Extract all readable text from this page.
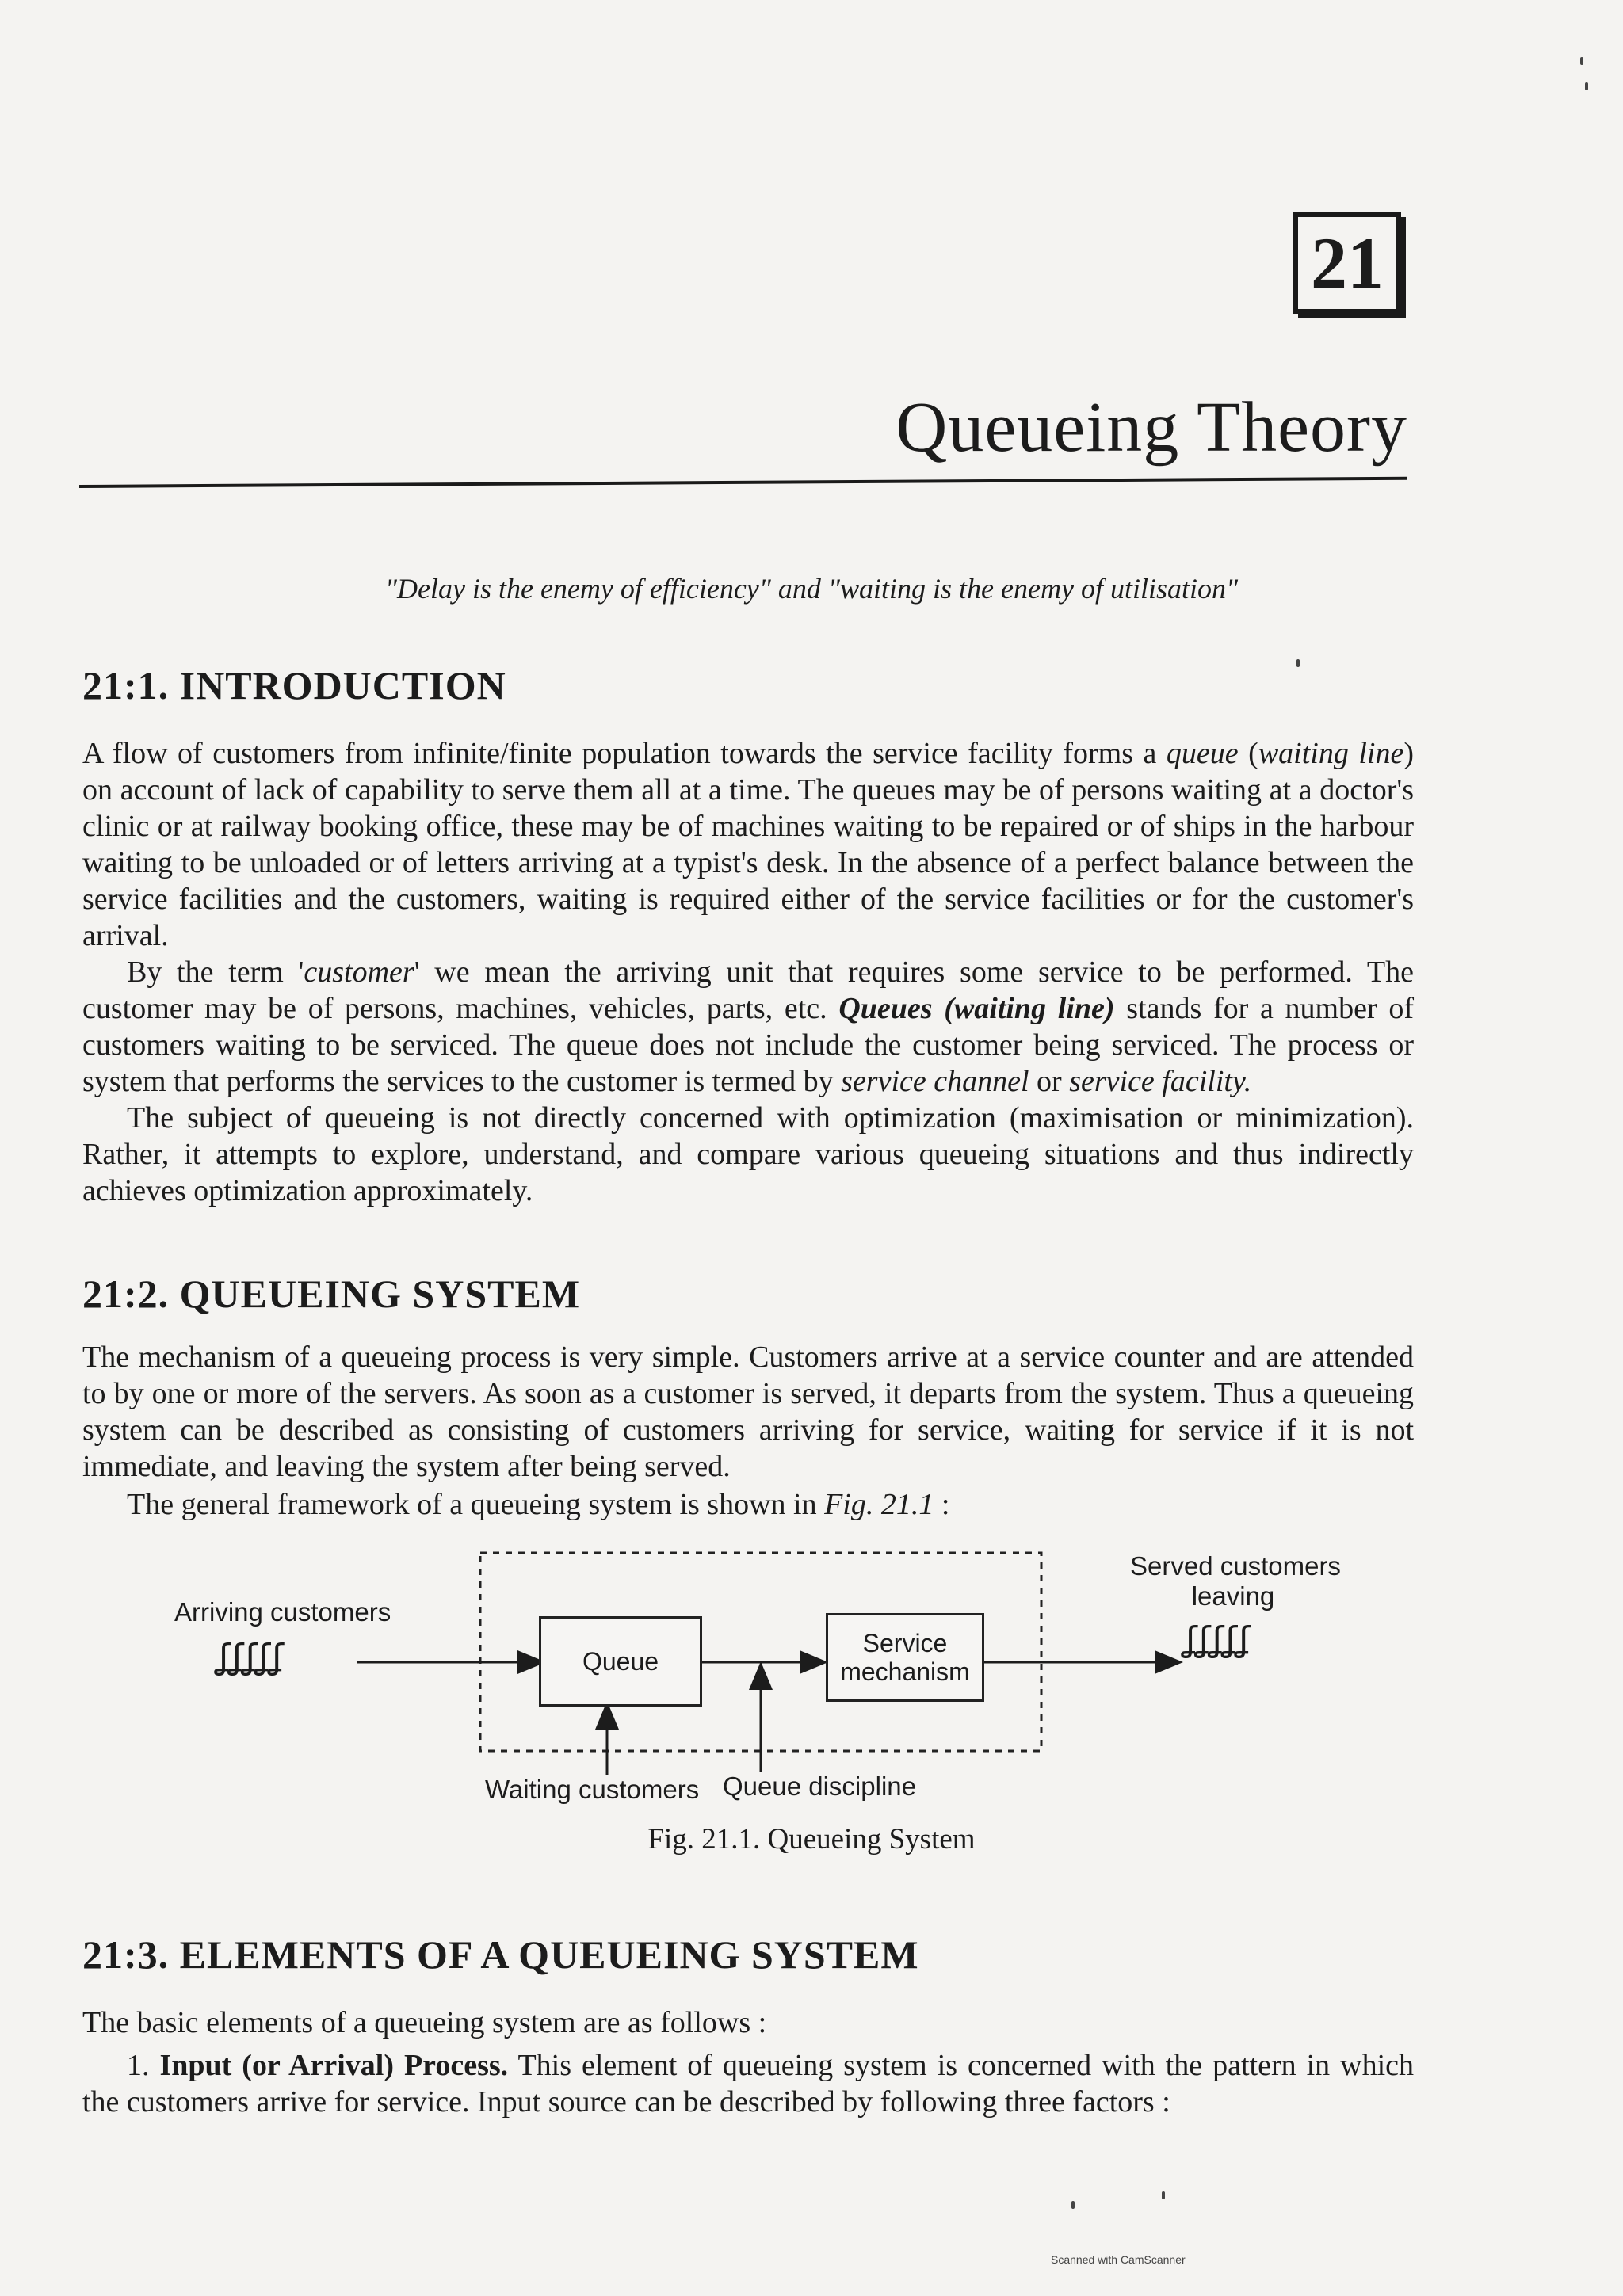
21
Queueing Theory
"Delay is the enemy of efficiency" and "waiting is the enemy of utilisation"
21:1. INTRODUCTION

A flow of customers from infinite/finite population towards the service facility forms a queue (waiting line) on account of lack of capability to serve them all at a time. The queues may be of persons waiting at a doctor's clinic or at railway booking office, these may be of machines waiting to be repaired or of ships in the harbour waiting to be unloaded or of letters arriving at a typist's desk. In the absence of a perfect balance between the service facilities and the customers, waiting is required either of the service facilities or for the customer's arrival.

By the term 'customer' we mean the arriving unit that requires some service to be performed. The customer may be of persons, machines, vehicles, parts, etc. Queues (waiting line) stands for a number of customers waiting to be serviced. The queue does not include the customer being serviced. The process or system that performs the services to the customer is termed by service channel or service facility.

The subject of queueing is not directly concerned with optimization (maximisation or minimization). Rather, it attempts to explore, understand, and compare various queueing situations and thus indirectly achieves optimization approximately.

21:2. QUEUEING SYSTEM

The mechanism of a queueing process is very simple. Customers arrive at a service counter and are attended to by one or more of the servers. As soon as a customer is served, it departs from the system. Thus a queueing system can be described as consisting of customers arriving for service, waiting for service if it is not immediate, and leaving the system after being served.

The general framework of a queueing system is shown in Fig. 21.1 :

Arriving customers
ʆʆʆʆʆ	Queue
Service
mechanism
Served customers
leaving
ʆʆʆʆʆ
Waiting customers Queue discipline
Fig. 21.1. Queueing System
21:3. ELEMENTS OF A QUEUEING SYSTEM

The basic elements of a queueing system are as follows :

1. Input (or Arrival) Process. This element of queueing system is concerned with the pattern in which the customers arrive for service. Input source can be described by following three factors :

Scanned with CamScanner
